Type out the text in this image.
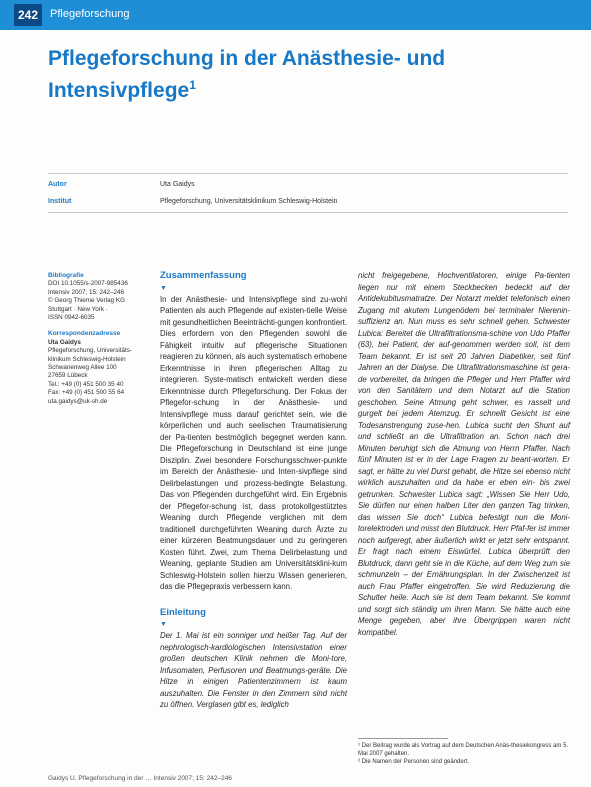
242	Pflegeforschung
Pflegeforschung in der Anästhesie- und Intensivpflege$^1$
Autor	Uta Gaidys
Institut	Pflegeforschung, Universitätsklinikum Schleswig-Holstein
Bibliografie
DOI 10.1055/s-2007-985436
Intensiv 2007; 15: 242–246
© Georg Thieme Verlag KG
Stuttgart · New York ·
ISSN 0942-6035
Korrespondenzadresse
Uta Gaidys
Pflegeforschung, Universitäts-
klinikum Schleswig-Holstein
Schwanenweg Allee 100
27659 Lübeck
Tel.: +49 (0) 451 500 35 40
Fax: +49 (0) 451 500 55 64
uta.gaidys@uk-sh.de
Zusammenfassung
▼
In der Anästhesie- und Intensivpflege sind zu-wohl Patienten als auch Pflegende auf existen-tielle Weise mit gesundheitlichen Beeinträchti-gungen konfrontiert. Dies erfordern von den Pflegenden sowohl die Fähigkeit intuitiv auf pflegerische Situationen reagieren zu können, als auch systematisch erhobene Erkenntnisse in ihren pflegerischen Alltag zu integrieren. Syste-matisch entwickelt werden diese Erkenntnisse durch Pflegeforschung. Der Fokus der Pflegefor-schung in der Anästhesie- und Intensivpflege muss darauf gerichtet sein, wie die körperlichen und auch seelischen Traumatisierung der Pa-tienten bestmöglich begegnet werden kann. Die Pflegeforschung in Deutschland ist eine junge Disziplin. Zwei besondere Forschungsschwer-punkte im Bereich der Anästhesie- und Inten-sivpflege sind Delirbelastungen und prozess-bedingte Belastung. Das von Pflegenden durchgeführt wird. Ein Ergebnis der Pflegefor-schung ist, dass protokollgestütztes Weaning durch Pflegende verglichen mit dem traditionell durchgeführten Weaning durch Ärzte zu einer kürzeren Beatmungsdauer und zu geringeren Kosten führt. Zwei, zum Thema Delirbelastung und Weaning, geplante Studien am Universitätsklini-kum Schleswig-Holstein sollen hierzu Wissen generieren, das die Pflegepraxis verbessern kann.
Einleitung
▼
Der 1. Mai ist ein sonniger und heißer Tag. Auf der nephrologisch-kardiologischen Intensivstation einer großen deutschen Klinik nehmen die Moni-tore, Infusomaten, Perfusoren und Beatmungs-geräte. Die Hitze in einigen Patientenzimmern ist kaum auszuhalten. Die Fenster in den Zimmern sind nicht zu öffnen. Verglasen gibt es, lediglich
nicht freigegebene, Hochventilatoren, einige Pa-tienten liegen nur mit einem Steckbecken bedeckt auf der Antidekubitusmatratze. Der Notarzt meldet telefonisch einen Zugang mit akutem Lungenödem bei terminaler Nierenin-suffizienz an. Nun muss es sehr schnell gehen. Schwester Lubica: Bereitet die Ultrafiltrationsma-schine von Udo Pfaffer (63), bei Patient, der auf-genommen werden soll, ist dem Team bekannt. Er ist seit 20 Jahren Diabetiker, seit fünf Jahren an der Dialyse. Die Ultrafiltrationsmaschine ist gera-de vorbereitet, da bringen die Pfleger und Herr Pfaffer wird von den Sanitätern und dem Notarzt auf die Station geschoben. Seine Atmung geht schwer, es rasselt und gurgelt bei jedem Atemzug. Er schnellt Gesicht ist eine Todesanstrengung zuse-hen. Lubica sucht den Shunt auf und schließt an die Ultrafiltration an. Schon nach drei Minuten beruhigt sich die Atmung von Herrn Pfaffer. Nach fünf Minuten ist er in der Lage Fragen zu beant-worten. Er sagt, er hätte zu viel Durst gehabt, die Hitze sei ebenso nicht wirklich auszuhalten und da habe er eben ein- bis zwei getrunken. Schwester Lubica sagt: „Wissen Sie Herr Udo, Sie dürfen nur einen halben Liter den ganzen Tag trinken, das wissen Sie doch“ Lubica befestigt nun die Moni-torelektroden und misst den Blutdruck. Herr Pfaf-fer ist immer noch aufgeregt, aber äußerlich wirkt er jetzt sehr entspannt. Er fragt nach einem Eiswürfel. Lubica überprüft den Blutdruck, dann geht sie in die Küche, auf dem Weg zum sie schmunzeln – der Ernährungsplan. In der Zwischenzeit ist auch Frau Pfaffer eingetroffen. Sie wird Reduzierung die Schulter heile. Auch sie ist dem Team bekannt. Sie kommt und sorgt sich ständig um ihren Mann. Sie hätte auch eine Menge gegeben, aber ihre Übergrippen waren nicht kompatibel.
¹ Der Beitrag wurde als Vortrag auf dem Deutschen Anäs-thesiekongress am 5. Mai 2007 gehalten.
² Die Namen der Personen sind geändert.
Gaidys U. Pflegeforschung in der … Intensiv 2007; 15: 242–246
